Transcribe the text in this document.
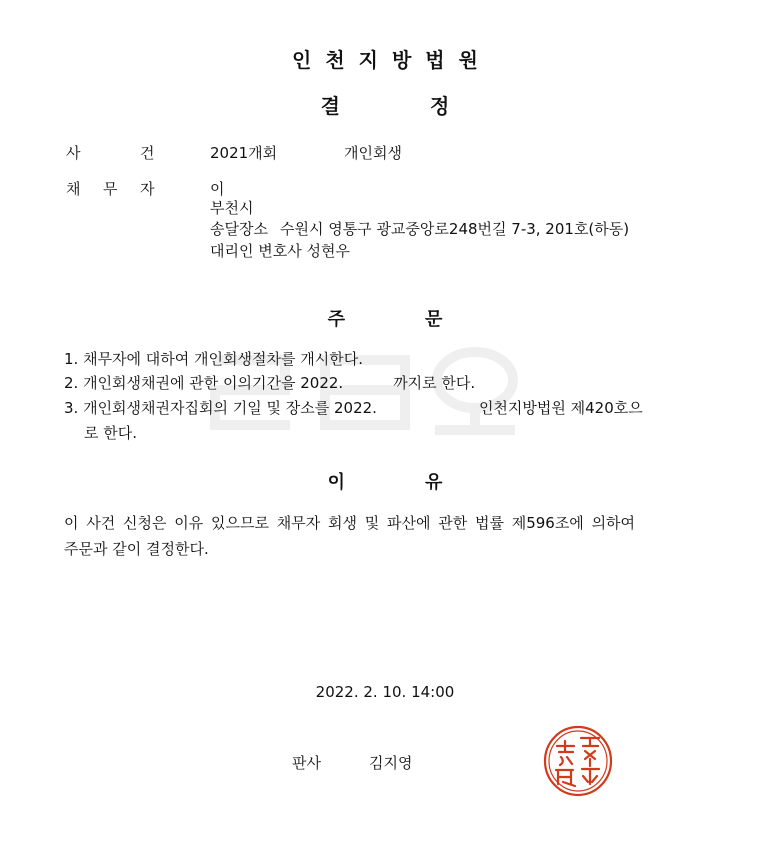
인천지방법원
결정
사	건	2021개회	개인회생
채 무 자	이
부천시
송달장소 수원시 영통구 광교중앙로248번길 7-3, 201호(하동)
대리인 변호사 성현우
주문
1. 채무자에 대하여 개인회생절차를 개시한다.
2. 개인회생채권에 관한 이의기간을 2022.	까지로 한다.
3. 개인회생채권자집회의 기일 및 장소를 2022.	인천지방법원 제420호으
로 한다.
이유
이 사건 신청은 이유 있으므로 채무자 회생 및 파산에 관한 법률 제596조에 의하여
주문과 같이 결정한다.
2022. 2. 10. 14:00
판사	김지영
